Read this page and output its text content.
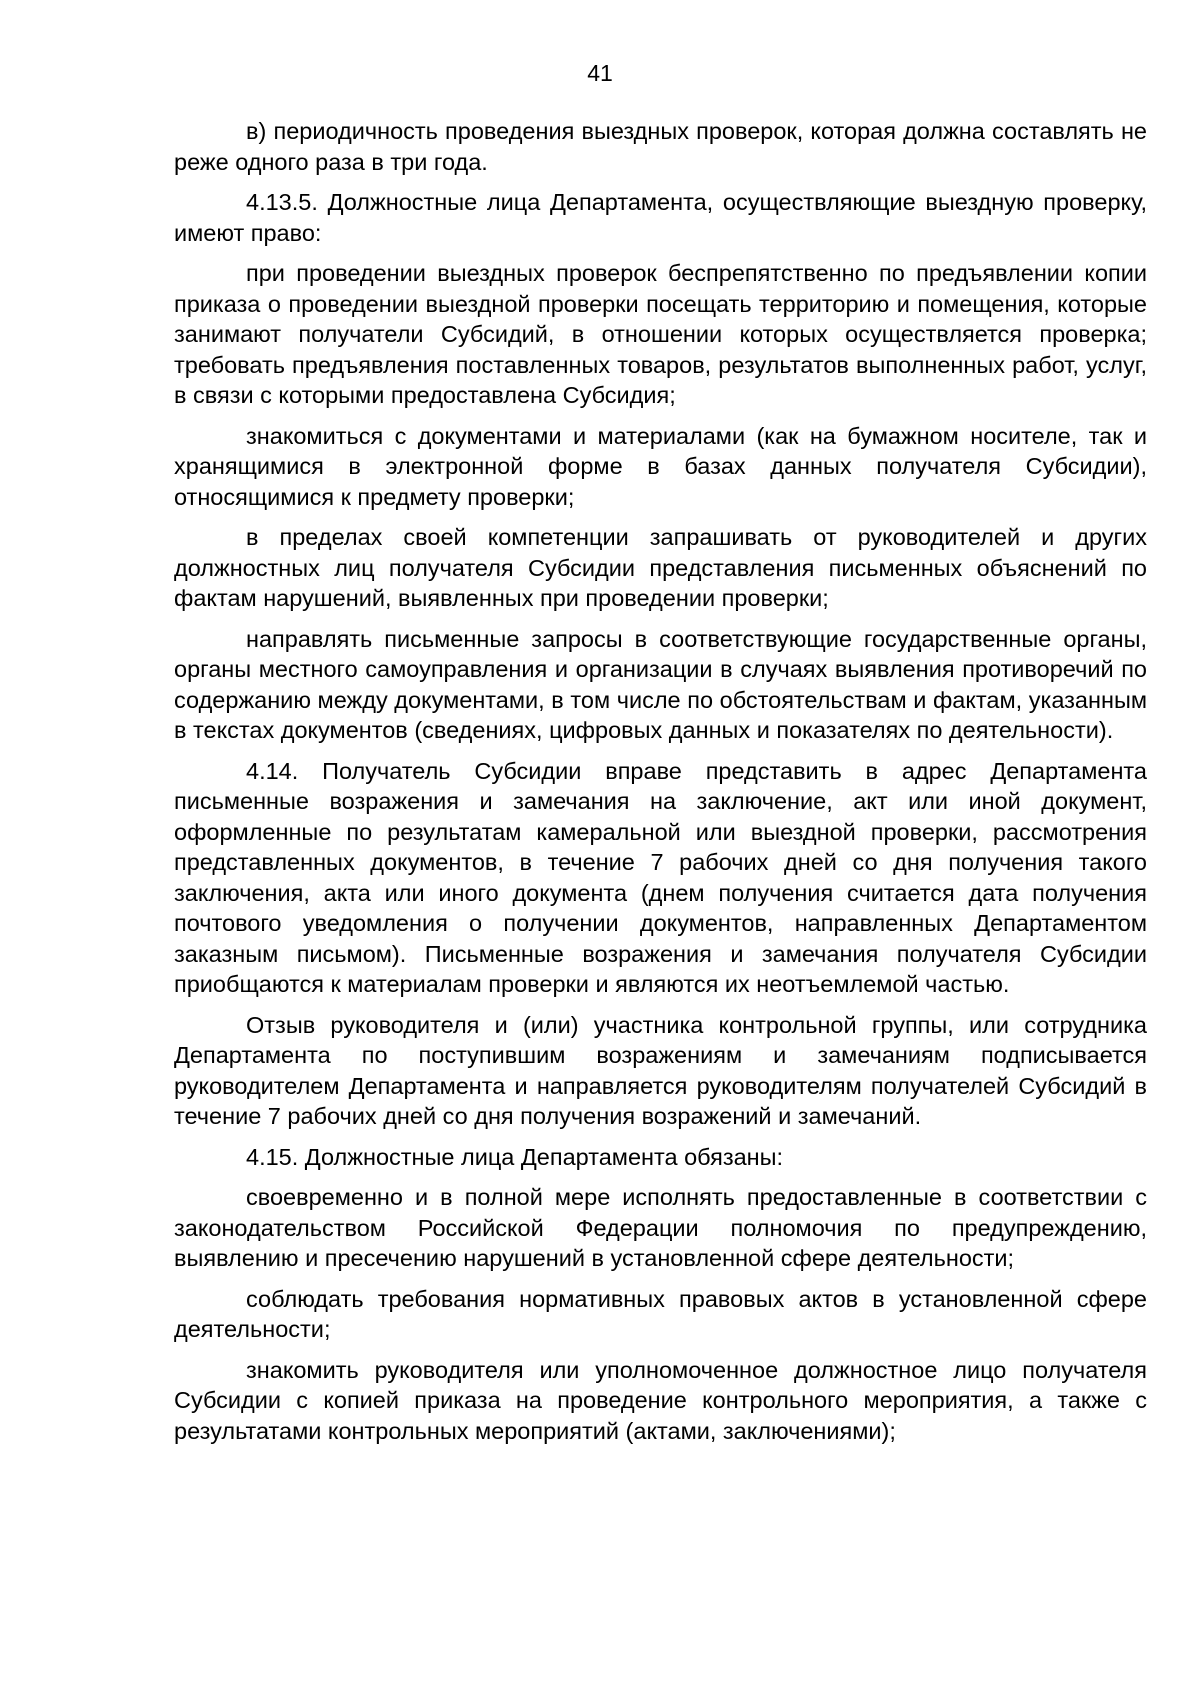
41

в) периодичность проведения выездных проверок, которая должна составлять не реже одного раза в три года.

4.13.5. Должностные лица Департамента, осуществляющие выездную проверку, имеют право:

при проведении выездных проверок беспрепятственно по предъявлении копии приказа о проведении выездной проверки посещать территорию и помещения, которые занимают получатели Субсидий, в отношении которых осуществляется проверка; требовать предъявления поставленных товаров, результатов выполненных работ, услуг, в связи с которыми предоставлена Субсидия;

знакомиться с документами и материалами (как на бумажном носителе, так и хранящимися в электронной форме в базах данных получателя Субсидии), относящимися к предмету проверки;

в пределах своей компетенции запрашивать от руководителей и других должностных лиц получателя Субсидии представления письменных объяснений по фактам нарушений, выявленных при проведении проверки;

направлять письменные запросы в соответствующие государственные органы, органы местного самоуправления и организации в случаях выявления противоречий по содержанию между документами, в том числе по обстоятельствам и фактам, указанным в текстах документов (сведениях, цифровых данных и показателях по деятельности).

4.14. Получатель Субсидии вправе представить в адрес Департамента письменные возражения и замечания на заключение, акт или иной документ, оформленные по результатам камеральной или выездной проверки, рассмотрения представленных документов, в течение 7 рабочих дней со дня получения такого заключения, акта или иного документа (днем получения считается дата получения почтового уведомления о получении документов, направленных Департаментом заказным письмом). Письменные возражения и замечания получателя Субсидии приобщаются к материалам проверки и являются их неотъемлемой частью.

Отзыв руководителя и (или) участника контрольной группы, или сотрудника Департамента по поступившим возражениям и замечаниям подписывается руководителем Департамента и направляется руководителям получателей Субсидий в течение 7 рабочих дней со дня получения возражений и замечаний.

4.15. Должностные лица Департамента обязаны:

своевременно и в полной мере исполнять предоставленные в соответствии с законодательством Российской Федерации полномочия по предупреждению, выявлению и пресечению нарушений в установленной сфере деятельности;

соблюдать требования нормативных правовых актов в установленной сфере деятельности;

знакомить руководителя или уполномоченное должностное лицо получателя Субсидии с копией приказа на проведение контрольного мероприятия, а также с результатами контрольных мероприятий (актами, заключениями);
